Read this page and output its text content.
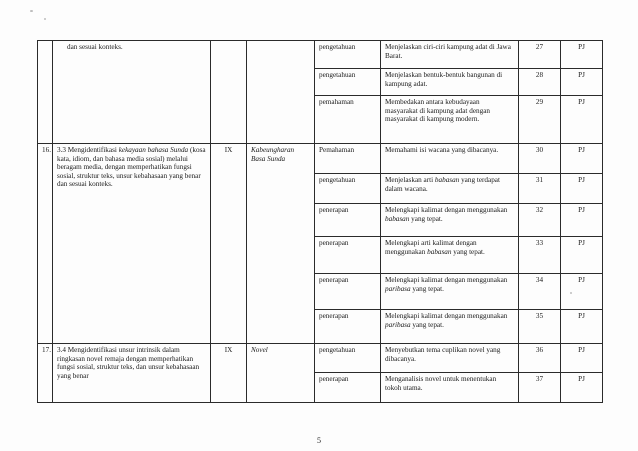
	dan sesuai konteks.			pengetahuan	Menjelaskan ciri-ciri kampung adat di Jawa Barat.	27	PJ
				pengetahuan	Menjelaskan bentuk-bentuk bangunan di kampung adat.	28	PJ
				pemahaman	Membedakan antara kebudayaan masyarakat di kampung adat dengan masyarakat di kampung modern.	29	PJ
16.	3.3 Mengidentifikasi kekayaan bahasa Sunda (kosa kata, idiom, dan bahasa media sosial) melalui beragam media, dengan memperhatikan fungsi sosial, struktur teks, unsur kebahasaan yang benar dan sesuai konteks.	IX	Kabeungharan Basa Sunda	Pemahaman	Memahami isi wacana yang dibacanya.	30	PJ
				pengetahuan	Menjelaskan arti babasan yang terdapat dalam wacana.	31	PJ
				penerapan	Melengkapi kalimat dengan menggunakan babasan yang tepat.	32	PJ
				penerapan	Melengkapi arti kalimat dengan menggunakan babasan yang tepat.	33	PJ
				penerapan	Melengkapi kalimat dengan menggunakan paribasa yang tepat.	34	PJ
				penerapan	Melengkapi kalimat dengan menggunakan paribasa yang tepat.	35	PJ
17.	3.4 Mengidentifikasi unsur intrinsik dalam ringkasan novel remaja dengan memperhatikan fungsi sosial, struktur teks, dan unsur kebahasaan yang benar	IX	Novel	pengetahuan	Menyebutkan tema cuplikan novel yang dibacanya.	36	PJ
				penerapan	Menganalisis novel untuk menentukan tokoh utama.	37	PJ
5
